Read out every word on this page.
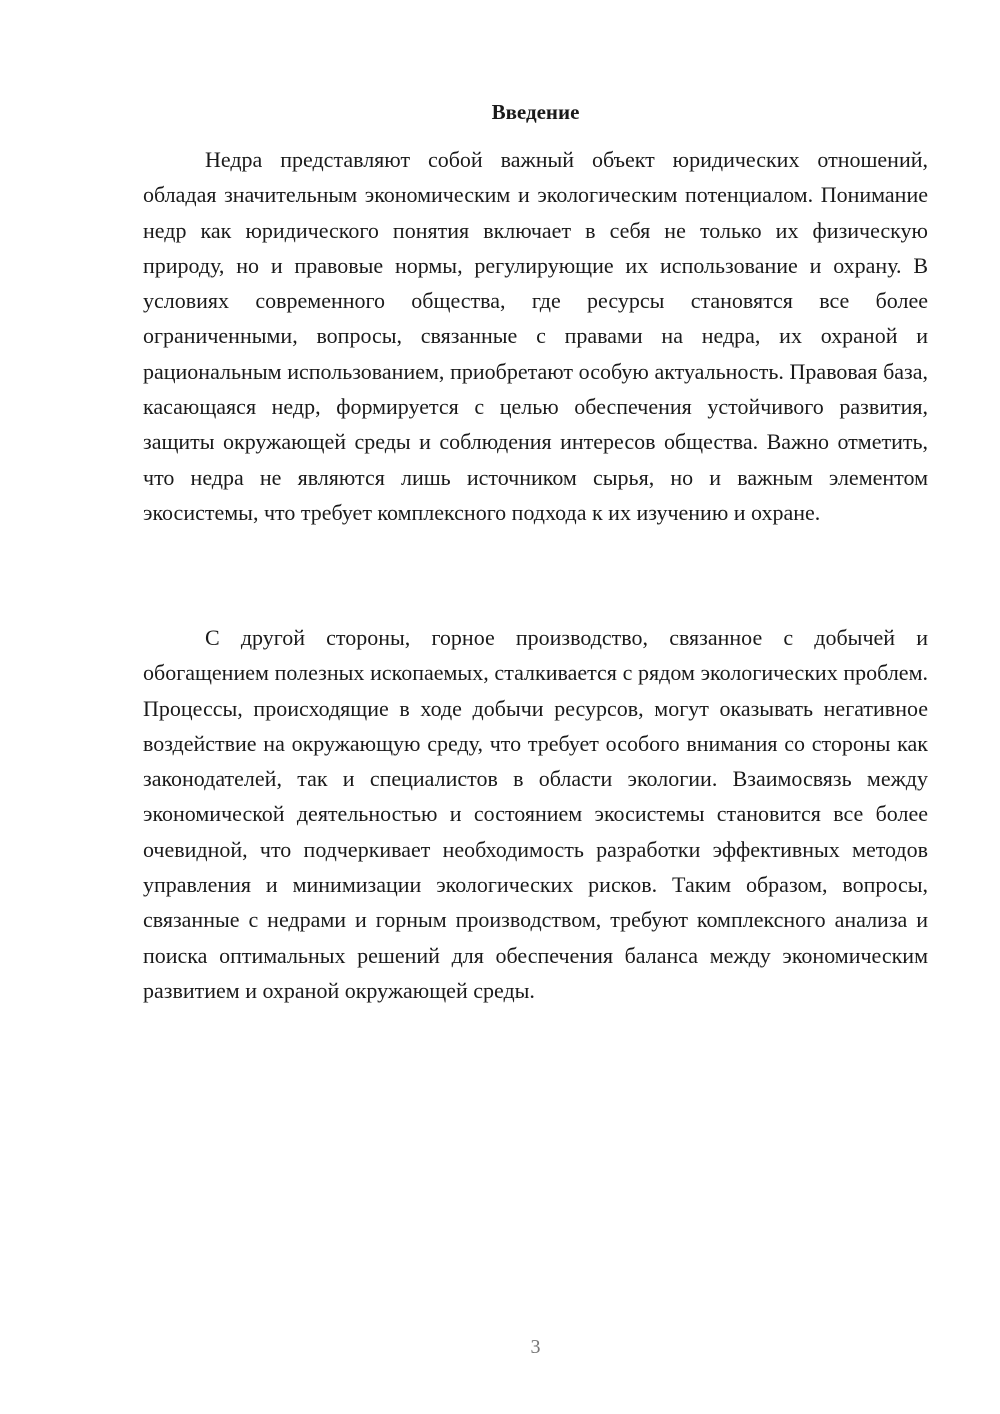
Введение

Недра представляют собой важный объект юридических отношений, обладая значительным экономическим и экологическим потенциалом. Понимание недр как юридического понятия включает в себя не только их физическую природу, но и правовые нормы, регулирующие их использование и охрану. В условиях современного общества, где ресурсы становятся все более ограниченными, вопросы, связанные с правами на недра, их охраной и рациональным использованием, приобретают особую актуальность. Правовая база, касающаяся недр, формируется с целью обеспечения устойчивого развития, защиты окружающей среды и соблюдения интересов общества. Важно отметить, что недра не являются лишь источником сырья, но и важным элементом экосистемы, что требует комплексного подхода к их изучению и охране.

С другой стороны, горное производство, связанное с добычей и обогащением полезных ископаемых, сталкивается с рядом экологических проблем. Процессы, происходящие в ходе добычи ресурсов, могут оказывать негативное воздействие на окружающую среду, что требует особого внимания со стороны как законодателей, так и специалистов в области экологии. Взаимосвязь между экономической деятельностью и состоянием экосистемы становится все более очевидной, что подчеркивает необходимость разработки эффективных методов управления и минимизации экологических рисков. Таким образом, вопросы, связанные с недрами и горным производством, требуют комплексного анализа и поиска оптимальных решений для обеспечения баланса между экономическим развитием и охраной окружающей среды.

3
